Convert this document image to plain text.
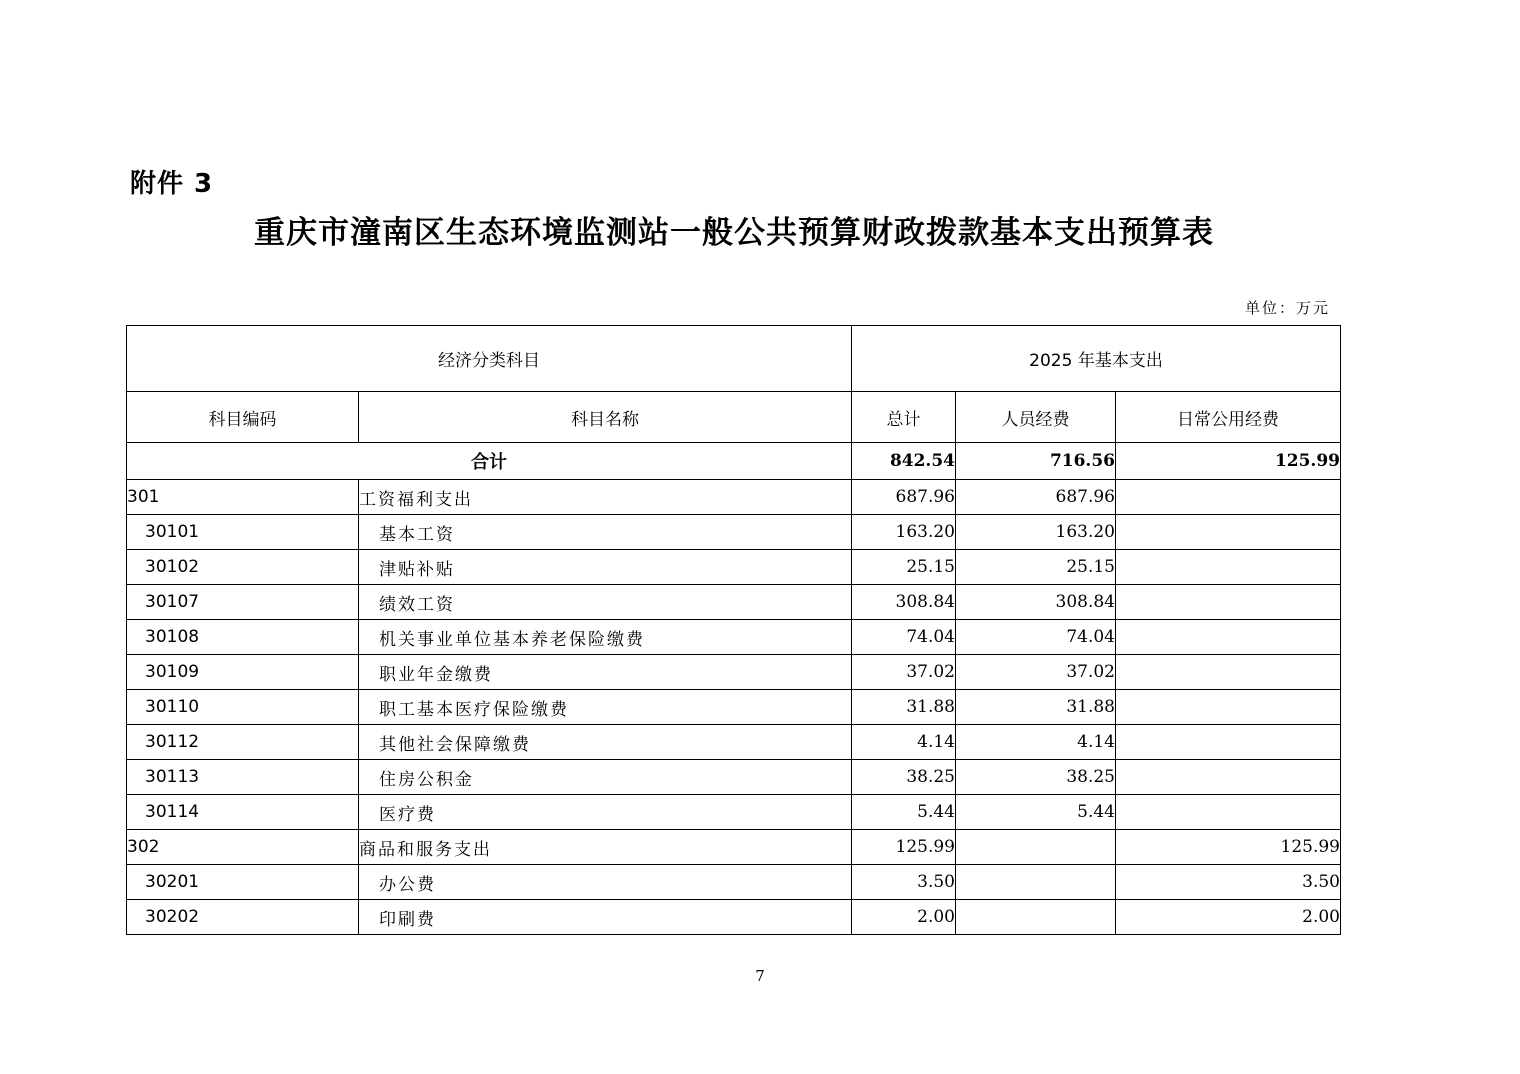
附件 3
重庆市潼南区生态环境监测站一般公共预算财政拨款基本支出预算表
单位：万元
经济分类科目		2025 年基本支出		
科目编码	科目名称	总计	人员经费	日常公用经费
合计		842.54	716.56	125.99
301	工资福利支出	687.96	687.96	
30101	基本工资	163.20	163.20	
30102	津贴补贴	25.15	25.15	
30107	绩效工资	308.84	308.84	
30108	机关事业单位基本养老保险缴费	74.04	74.04	
30109	职业年金缴费	37.02	37.02	
30110	职工基本医疗保险缴费	31.88	31.88	
30112	其他社会保障缴费	4.14	4.14	
30113	住房公积金	38.25	38.25	
30114	医疗费	5.44	5.44	
302	商品和服务支出	125.99		125.99
30201	办公费	3.50		3.50
30202	印刷费	2.00		2.00
7
